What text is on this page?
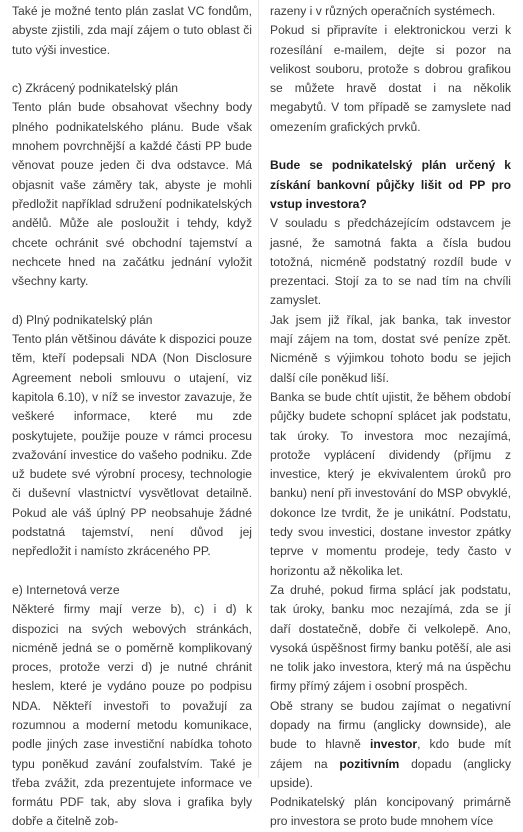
Také je možné tento plán zaslat VC fondům, abyste zjistili, zda mají zájem o tuto oblast či tuto výši investice.

c) Zkrácený podnikatelský plán

Tento plán bude obsahovat všechny body plného podnikatelského plánu. Bude však mnohem povrchnější a každé části PP bude věnovat pouze jeden či dva odstavce. Má objasnit vaše záměry tak, abyste je mohli předložit například sdružení podnikatelských andělů. Může ale posloužit i tehdy, když chcete ochránit své obchodní tajemství a nechcete hned na začátku jednání vyložit všechny karty.

d) Plný podnikatelský plán

Tento plán většinou dáváte k dispozici pouze těm, kteří podepsali NDA (Non Disclosure Agreement neboli smlouvu o utajení, viz kapitola 6.10), v níž se investor zavazuje, že veškeré informace, které mu zde poskytujete, použije pouze v rámci procesu zvažování investice do vašeho podniku. Zde už budete své výrobní procesy, technologie či duševní vlastnictví vysvětlovat detailně. Pokud ale váš úplný PP neobsahuje žádné podstatná tajemství, není důvod jej nepředložit i namísto zkráceného PP.

e) Internetová verze

Některé firmy mají verze b), c) i d) k dispozici na svých webových stránkách, nicméně jedná se o poměrně komplikovaný proces, protože verzi d) je nutné chránit heslem, které je vydáno pouze po podpisu NDA. Někteří investoři to považují za rozumnou a moderní metodu komunikace, podle jiných zase investiční nabídka tohoto typu poněkud zavání zoufalstvím. Také je třeba zvážit, zda prezentujete informace ve formátu PDF tak, aby slova i grafika byly dobře a čitelně zob-

razeny i v různých operačních systémech.

Pokud si připravíte i elektronickou verzi k rozesílání e-mailem, dejte si pozor na velikost souboru, protože s dobrou grafikou se můžete hravě dostat i na několik megabytů. V tom případě se zamyslete nad omezením grafických prvků.

Bude se podnikatelský plán určený k získání bankovní půjčky lišit od PP pro vstup investora?

V souladu s předcházejícím odstavcem je jasné, že samotná fakta a čísla budou totožná, nicméně podstatný rozdíl bude v prezentaci. Stojí za to se nad tím na chvíli zamyslet.

Jak jsem již říkal, jak banka, tak investor mají zájem na tom, dostat své peníze zpět. Nicméně s výjimkou tohoto bodu se jejich další cíle poněkud liší.

Banka se bude chtít ujistit, že během období půjčky budete schopní splácet jak podstatu, tak úroky. To investora moc nezajímá, protože vyplácení dividendy (příjmu z investice, který je ekvivalentem úroků pro banku) není při investování do MSP obvyklé, dokonce lze tvrdit, že je unikátní. Podstatu, tedy svou investici, dostane investor zpátky teprve v momentu prodeje, tedy často v horizontu až několika let.

Za druhé, pokud firma splácí jak podstatu, tak úroky, banku moc nezajímá, zda se jí daří dostatečně, dobře či velkolepě. Ano, vysoká úspěšnost firmy banku potěší, ale asi ne tolik jako investora, který má na úspěchu firmy přímý zájem i osobní prospěch.

Obě strany se budou zajímat o negativní dopady na firmu (anglicky downside), ale bude to hlavně investor, kdo bude mít zájem na pozitivním dopadu (anglicky upside).

Podnikatelský plán koncipovaný primárně pro investora se proto bude mnohem více
